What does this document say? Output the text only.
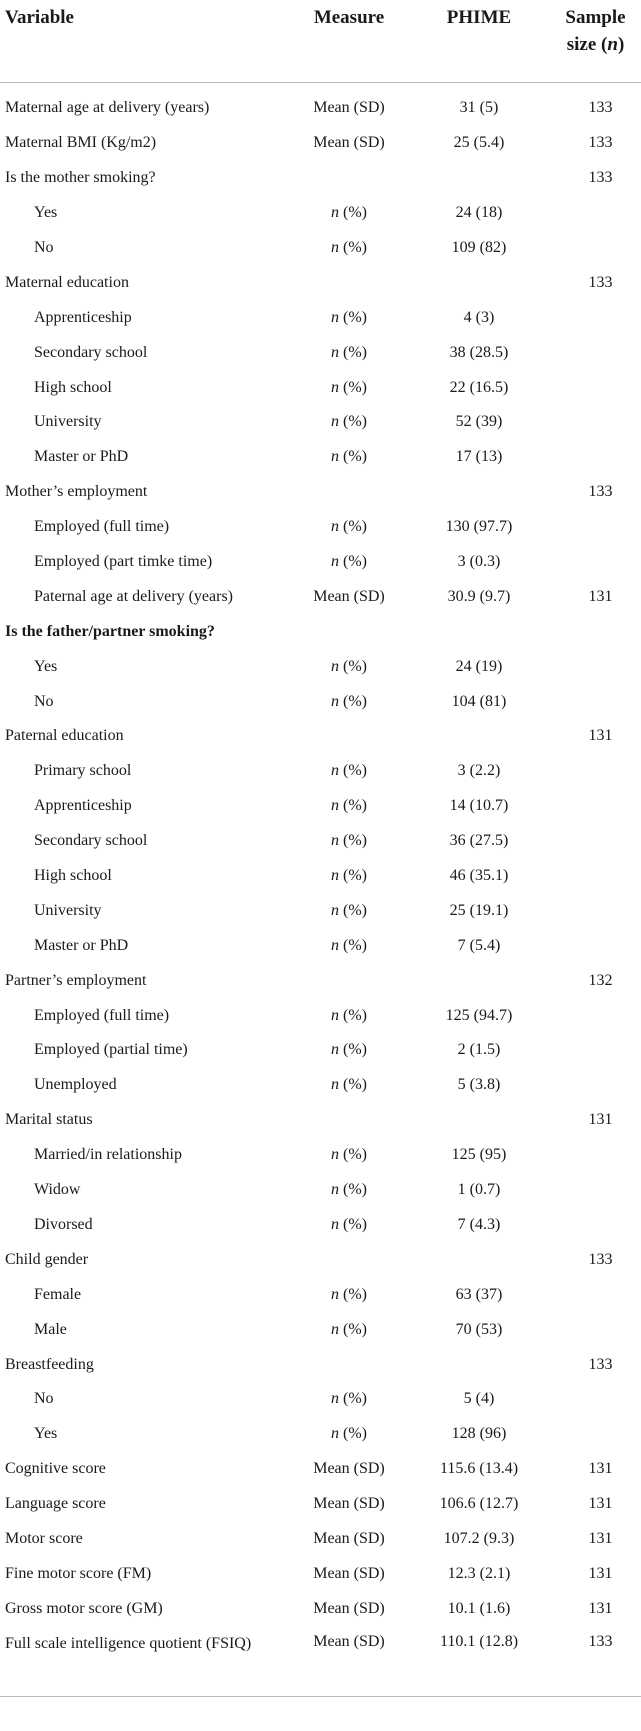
Variable	Measure	PHIME	Sample
size (n)
Maternal age at delivery (years)	Mean (SD)	31 (5)	133
Maternal BMI (Kg/m2)	Mean (SD)	25 (5.4)	133
Is the mother smoking?			133
Yes	n (%)	24 (18)	
No	n (%)	109 (82)	
Maternal education			133
Apprenticeship	n (%)	4 (3)	
Secondary school	n (%)	38 (28.5)	
High school	n (%)	22 (16.5)	
University	n (%)	52 (39)	
Master or PhD	n (%)	17 (13)	
Mother’s employment			133
Employed (full time)	n (%)	130 (97.7)	
Employed (part timke time)	n (%)	3 (0.3)	
Paternal age at delivery (years)	Mean (SD)	30.9 (9.7)	131
Is the father/partner smoking?			
Yes	n (%)	24 (19)	
No	n (%)	104 (81)	
Paternal education			131
Primary school	n (%)	3 (2.2)	
Apprenticeship	n (%)	14 (10.7)	
Secondary school	n (%)	36 (27.5)	
High school	n (%)	46 (35.1)	
University	n (%)	25 (19.1)	
Master or PhD	n (%)	7 (5.4)	
Partner’s employment			132
Employed (full time)	n (%)	125 (94.7)	
Employed (partial time)	n (%)	2 (1.5)	
Unemployed	n (%)	5 (3.8)	
Marital status			131
Married/in relationship	n (%)	125 (95)	
Widow	n (%)	1 (0.7)	
Divorsed	n (%)	7 (4.3)	
Child gender			133
Female	n (%)	63 (37)	
Male	n (%)	70 (53)	
Breastfeeding			133
No	n (%)	5 (4)	
Yes	n (%)	128 (96)	
Cognitive score	Mean (SD)	115.6 (13.4)	131
Language score	Mean (SD)	106.6 (12.7)	131
Motor score	Mean (SD)	107.2 (9.3)	131
Fine motor score (FM)	Mean (SD)	12.3 (2.1)	131
Gross motor score (GM)	Mean (SD)	10.1 (1.6)	131
Full scale intelligence quotient (FSIQ)	Mean (SD)	110.1 (12.8)	133
